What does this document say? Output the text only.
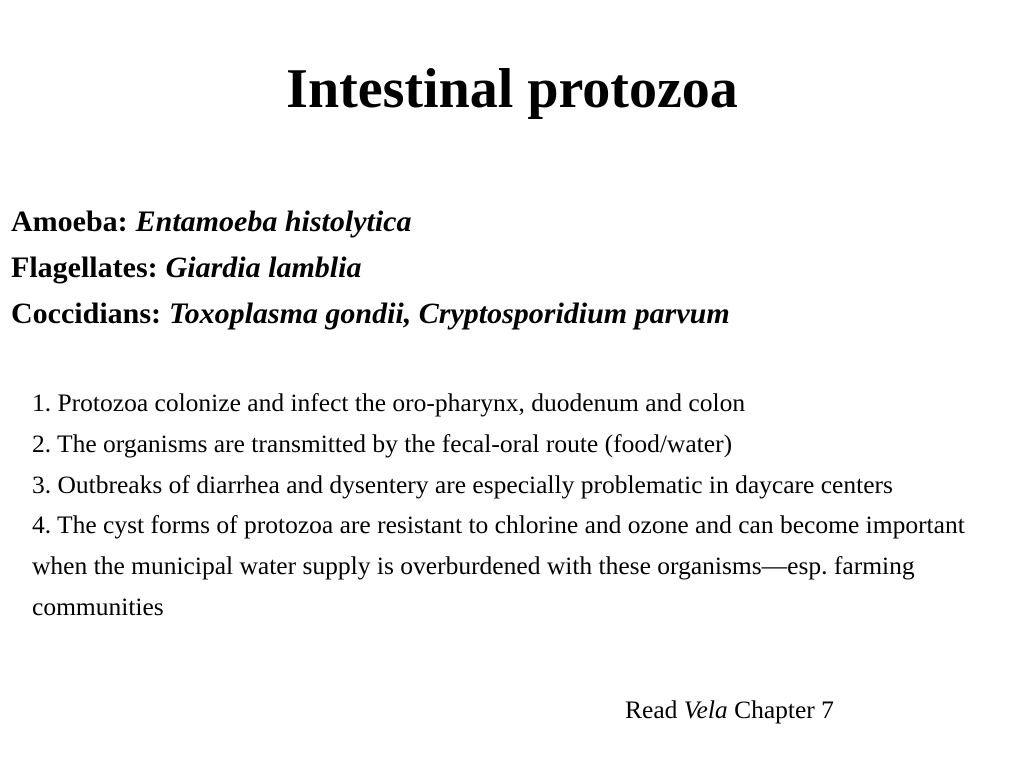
Intestinal protozoa
Amoeba: Entamoeba histolytica
Flagellates: Giardia lamblia
Coccidians: Toxoplasma gondii, Cryptosporidium parvum

1. Protozoa colonize and infect the oro-pharynx, duodenum and colon

2. The organisms are transmitted by the fecal-oral route (food/water)

3. Outbreaks of diarrhea and dysentery are especially problematic in daycare centers

4. The cyst forms of protozoa are resistant to chlorine and ozone and can become important when the municipal water supply is overburdened with these organisms—esp. farming communities

Read Vela Chapter 7
